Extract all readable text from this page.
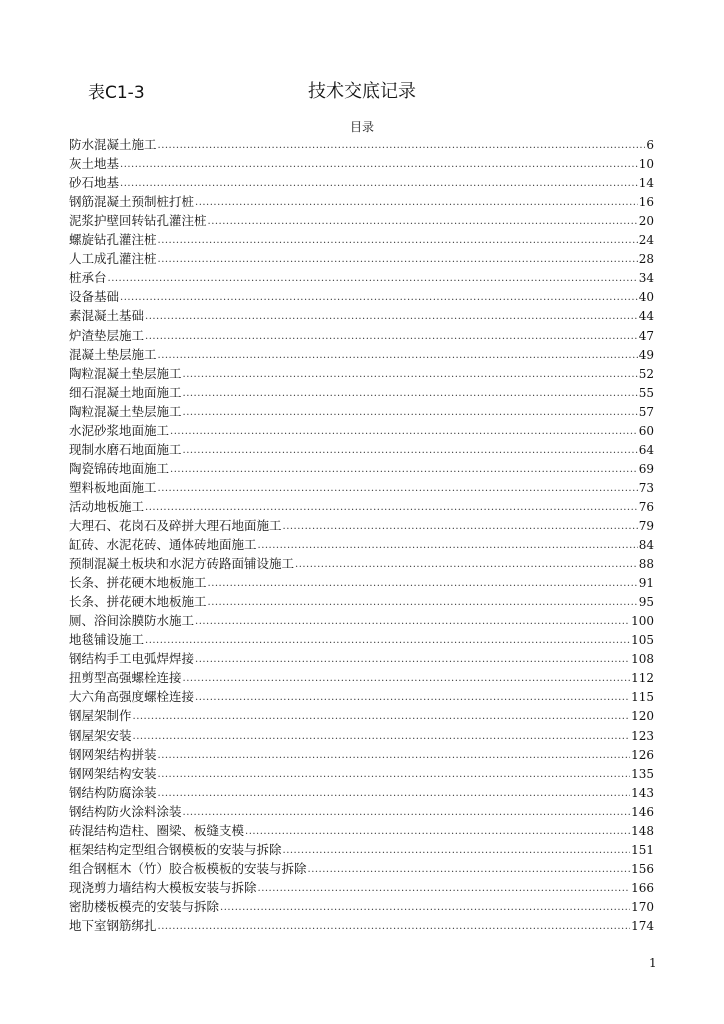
表C1-3	技术交底记录
目录
防水混凝土施工 .....	6
灰土地基 .....	10
砂石地基 .....	14
钢筋混凝土预制桩打桩 .....	16
泥浆护壁回转钻孔灌注桩 .....	20
螺旋钻孔灌注桩 .....	24
人工成孔灌注桩 .....	28
桩承台 .....	34
设备基础 .....	40
素混凝土基础 .....	44
炉渣垫层施工 .....	47
混凝土垫层施工 .....	49
陶粒混凝土垫层施工 .....	52
细石混凝土地面施工 .....	55
陶粒混凝土垫层施工 .....	57
水泥砂浆地面施工 .....	60
现制水磨石地面施工 .....	64
陶瓷锦砖地面施工 .....	69
塑料板地面施工 .....	73
活动地板施工 .....	76
大理石、花岗石及碎拼大理石地面施工 .....	79
缸砖、水泥花砖、通体砖地面施工 .....	84
预制混凝土板块和水泥方砖路面铺设施工 .....	88
长条、拼花硬木地板施工 .....	91
长条、拼花硬木地板施工 .....	95
厕、浴间涂膜防水施工 .....	100
地毯铺设施工 .....	105
钢结构手工电弧焊焊接 .....	108
扭剪型高强螺栓连接 .....	112
大六角高强度螺栓连接 .....	115
钢屋架制作 .....	120
钢屋架安装 .....	123
钢网架结构拼装 .....	126
钢网架结构安装 .....	135
钢结构防腐涂装 .....	143
钢结构防火涂料涂装 .....	146
砖混结构造柱、圈梁、板缝支模 .....	148
框架结构定型组合钢模板的安装与拆除 .....	151
组合钢框木（竹）胶合板模板的安装与拆除 .....	156
现浇剪力墙结构大模板安装与拆除 .....	166
密肋楼板模壳的安装与拆除 .....	170
地下室钢筋绑扎 .....	174
1
